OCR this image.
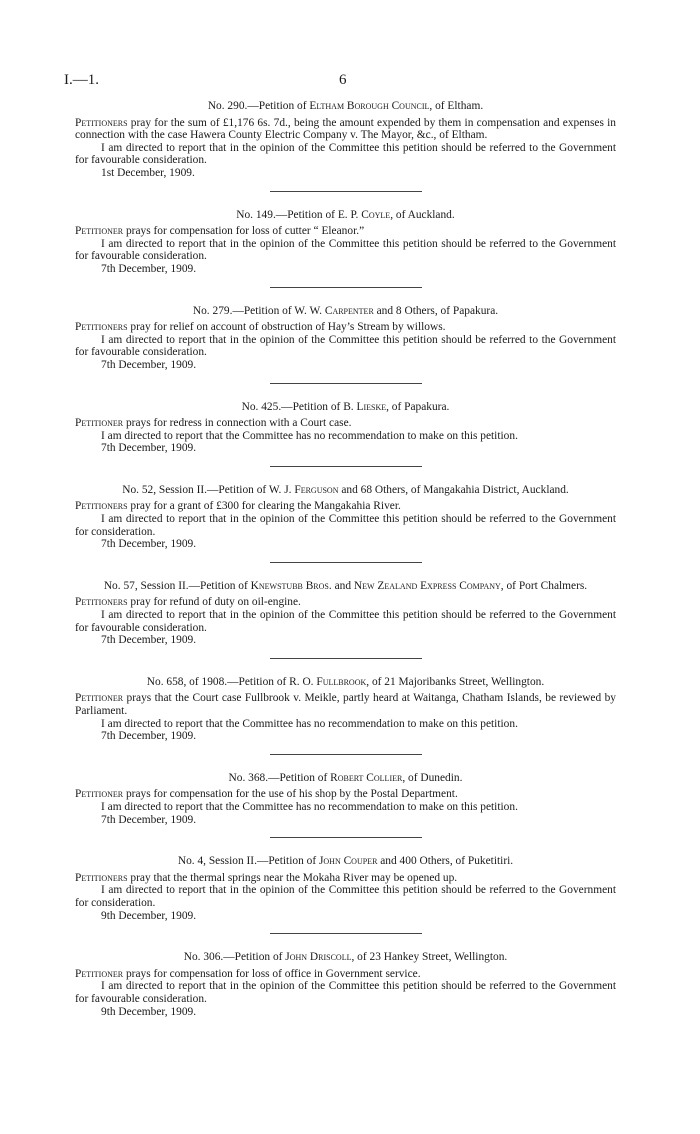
I.—1.	6

No. 290.—Petition of Eltham Borough Council, of Eltham.

Petitioners pray for the sum of £1,176 6s. 7d., being the amount expended by them in compensation and expenses in connection with the case Hawera County Electric Company v. The Mayor, &c., of Eltham.

I am directed to report that in the opinion of the Committee this petition should be referred to the Government for favourable consideration.

1st December, 1909.

No. 149.—Petition of E. P. Coyle, of Auckland.

Petitioner prays for compensation for loss of cutter “ Eleanor.”

I am directed to report that in the opinion of the Committee this petition should be referred to the Government for favourable consideration.

7th December, 1909.

No. 279.—Petition of W. W. Carpenter and 8 Others, of Papakura.

Petitioners pray for relief on account of obstruction of Hay’s Stream by willows.

I am directed to report that in the opinion of the Committee this petition should be referred to the Government for favourable consideration.

7th December, 1909.

No. 425.—Petition of B. Lieske, of Papakura.

Petitioner prays for redress in connection with a Court case.

I am directed to report that the Committee has no recommendation to make on this petition.

7th December, 1909.

No. 52, Session II.—Petition of W. J. Ferguson and 68 Others, of Mangakahia District, Auckland.

Petitioners pray for a grant of £300 for clearing the Mangakahia River.

I am directed to report that in the opinion of the Committee this petition should be referred to the Government for consideration.

7th December, 1909.

No. 57, Session II.—Petition of Knewstubb Bros. and New Zealand Express Company, of Port Chalmers.

Petitioners pray for refund of duty on oil-engine.

I am directed to report that in the opinion of the Committee this petition should be referred to the Government for favourable consideration.

7th December, 1909.

No. 658, of 1908.—Petition of R. O. Fullbrook, of 21 Majoribanks Street, Wellington.

Petitioner prays that the Court case Fullbrook v. Meikle, partly heard at Waitanga, Chatham Islands, be reviewed by Parliament.

I am directed to report that the Committee has no recommendation to make on this petition.

7th December, 1909.

No. 368.—Petition of Robert Collier, of Dunedin.

Petitioner prays for compensation for the use of his shop by the Postal Department.

I am directed to report that the Committee has no recommendation to make on this petition.

7th December, 1909.

No. 4, Session II.—Petition of John Couper and 400 Others, of Puketitiri.

Petitioners pray that the thermal springs near the Mokaha River may be opened up.

I am directed to report that in the opinion of the Committee this petition should be referred to the Government for consideration.

9th December, 1909.

No. 306.—Petition of John Driscoll, of 23 Hankey Street, Wellington.

Petitioner prays for compensation for loss of office in Government service.

I am directed to report that in the opinion of the Committee this petition should be referred to the Government for favourable consideration.

9th December, 1909.
